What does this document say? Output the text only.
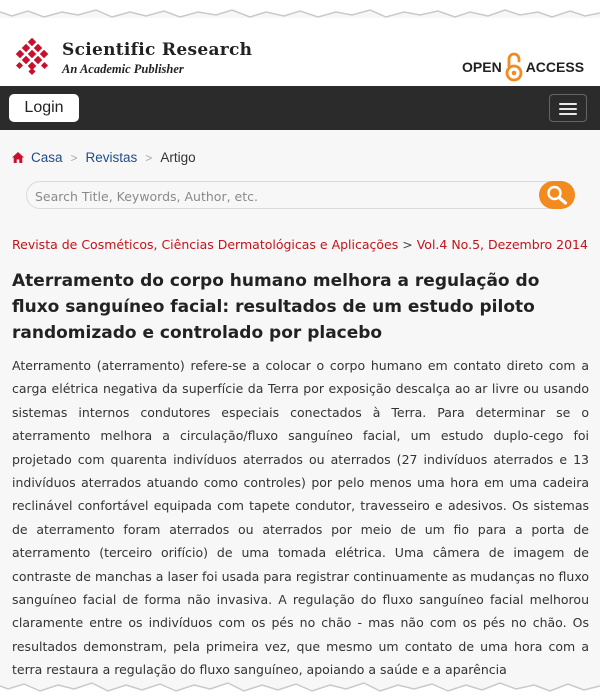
Scientific Research
An Academic Publisher	OPEN ACCESS
Login
Casa > Revistas > Artigo
Search Title, Keywords, Author, etc.
Revista de Cosméticos, Ciências Dermatológicas e Aplicações > Vol.4 No.5, Dezembro 2014
Aterramento do corpo humano melhora a regulação do fluxo sanguíneo facial: resultados de um estudo piloto randomizado e controlado por placebo
Aterramento (aterramento) refere-se a colocar o corpo humano em contato direto com a carga elétrica negativa da superfície da Terra por exposição descalça ao ar livre ou usando sistemas internos condutores especiais conectados à Terra. Para determinar se o aterramento melhora a circulação/fluxo sanguíneo facial, um estudo duplo-cego foi projetado com quarenta indivíduos aterrados ou aterrados (27 indivíduos aterrados e 13 indivíduos aterrados atuando como controles) por pelo menos uma hora em uma cadeira reclinável confortável equipada com tapete condutor, travesseiro e adesivos. Os sistemas de aterramento foram aterrados ou aterrados por meio de um fio para a porta de aterramento (terceiro orifício) de uma tomada elétrica. Uma câmera de imagem de contraste de manchas a laser foi usada para registrar continuamente as mudanças no fluxo sanguíneo facial de forma não invasiva. A regulação do fluxo sanguíneo facial melhorou claramente entre os indivíduos com os pés no chão - mas não com os pés no chão. Os resultados demonstram, pela primeira vez, que mesmo um contato de uma hora com a terra restaura a regulação do fluxo sanguíneo, apoiando a saúde e a aparência
